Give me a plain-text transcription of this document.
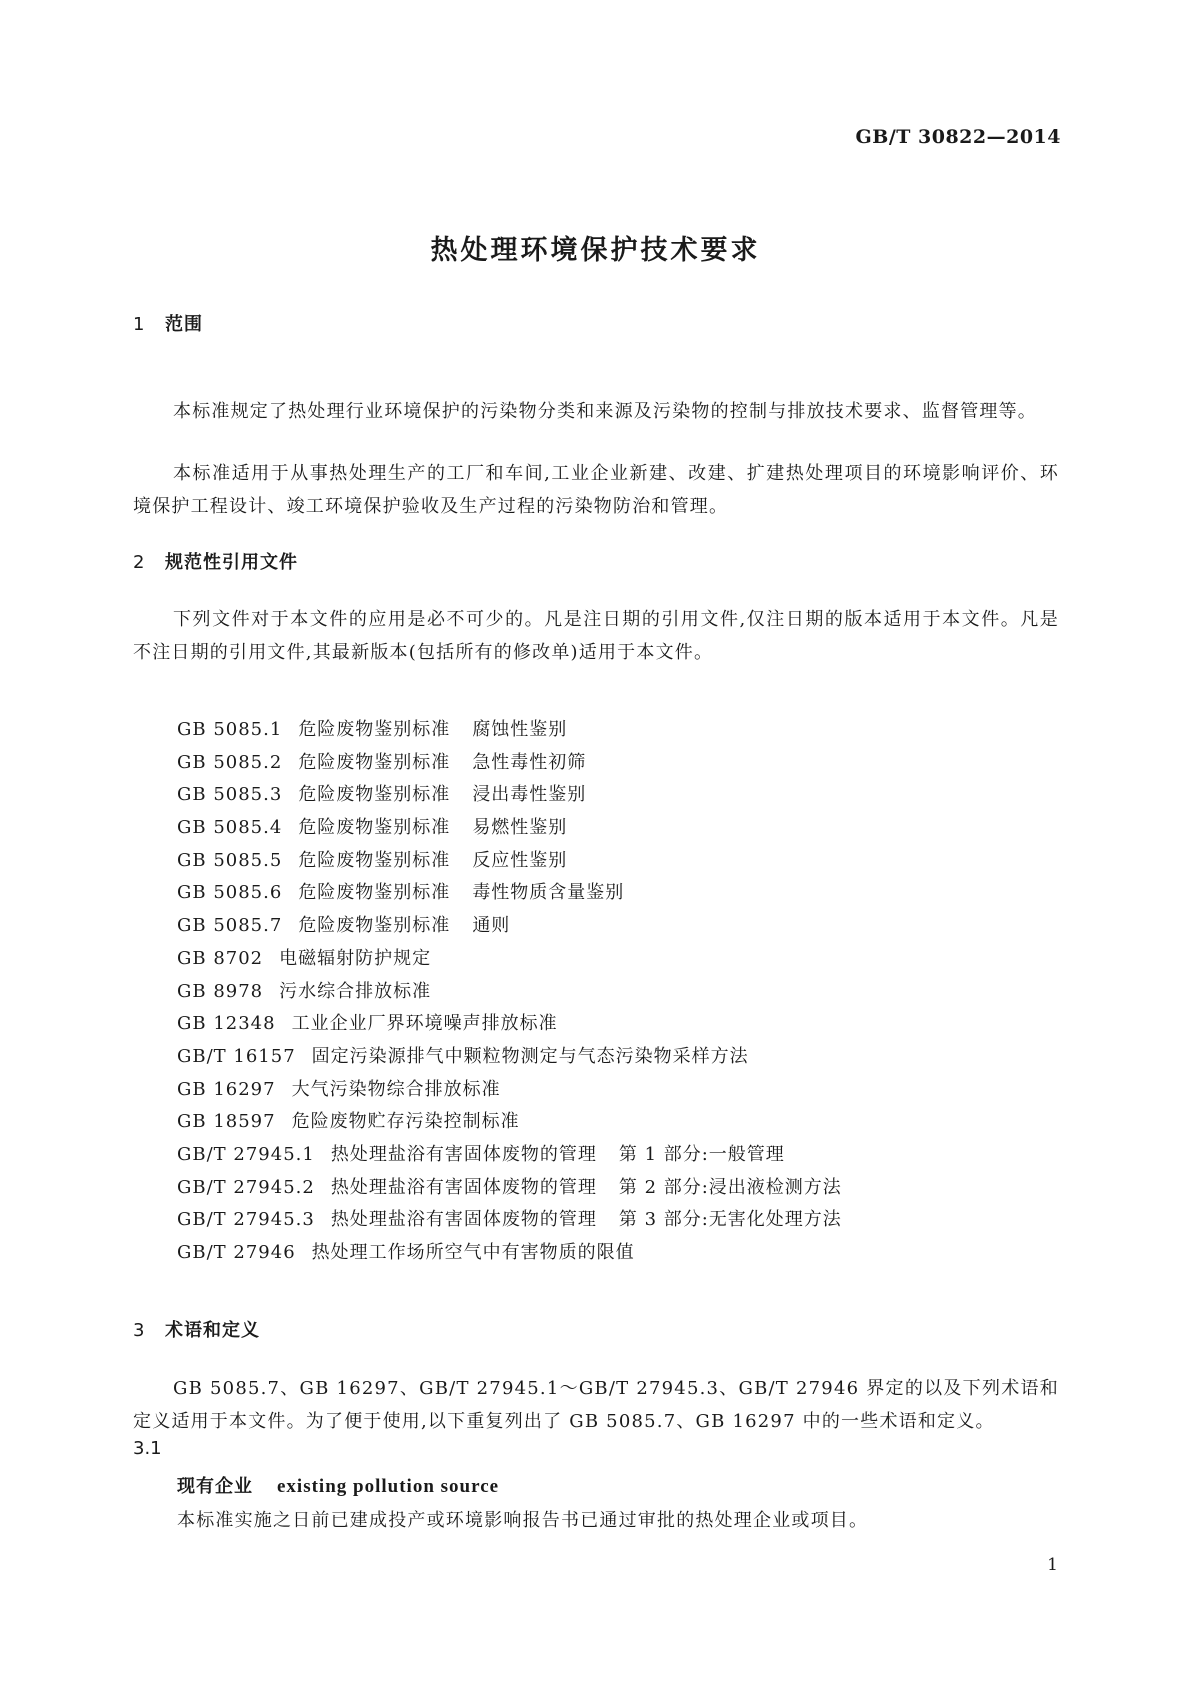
GB/T 30822—2014
热处理环境保护技术要求
1 范围

本标准规定了热处理行业环境保护的污染物分类和来源及污染物的控制与排放技术要求、监督管理等。

本标准适用于从事热处理生产的工厂和车间,工业企业新建、改建、扩建热处理项目的环境影响评价、环境保护工程设计、竣工环境保护验收及生产过程的污染物防治和管理。

2 规范性引用文件

下列文件对于本文件的应用是必不可少的。凡是注日期的引用文件,仅注日期的版本适用于本文件。凡是不注日期的引用文件,其最新版本(包括所有的修改单)适用于本文件。

GB 5085.1 危险废物鉴别标准 腐蚀性鉴别
GB 5085.2 危险废物鉴别标准 急性毒性初筛
GB 5085.3 危险废物鉴别标准 浸出毒性鉴别
GB 5085.4 危险废物鉴别标准 易燃性鉴别
GB 5085.5 危险废物鉴别标准 反应性鉴别
GB 5085.6 危险废物鉴别标准 毒性物质含量鉴别
GB 5085.7 危险废物鉴别标准 通则
GB 8702 电磁辐射防护规定
GB 8978 污水综合排放标准
GB 12348 工业企业厂界环境噪声排放标准
GB/T 16157 固定污染源排气中颗粒物测定与气态污染物采样方法
GB 16297 大气污染物综合排放标准
GB 18597 危险废物贮存污染控制标准
GB/T 27945.1 热处理盐浴有害固体废物的管理 第 1 部分:一般管理
GB/T 27945.2 热处理盐浴有害固体废物的管理 第 2 部分:浸出液检测方法
GB/T 27945.3 热处理盐浴有害固体废物的管理 第 3 部分:无害化处理方法
GB/T 27946 热处理工作场所空气中有害物质的限值
3 术语和定义

GB 5085.7、GB 16297、GB/T 27945.1～GB/T 27945.3、GB/T 27946 界定的以及下列术语和定义适用于本文件。为了便于使用,以下重复列出了 GB 5085.7、GB 16297 中的一些术语和定义。

3.1
现有企业 existing pollution source
本标准实施之日前已建成投产或环境影响报告书已通过审批的热处理企业或项目。
1
